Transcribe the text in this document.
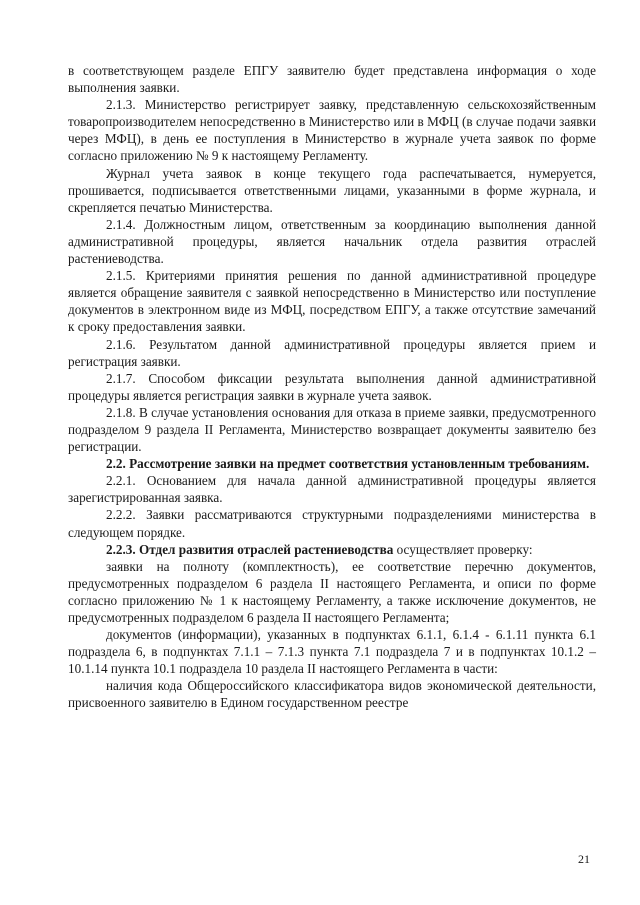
в соответствующем разделе ЕПГУ заявителю будет представлена информация о ходе выполнения заявки.

2.1.3. Министерство регистрирует заявку, представленную сельскохозяйственным товаропроизводителем непосредственно в Министерство или в МФЦ (в случае подачи заявки через МФЦ), в день ее поступления в Министерство в журнале учета заявок по форме согласно приложению № 9 к настоящему Регламенту.

Журнал учета заявок в конце текущего года распечатывается, нумеруется, прошивается, подписывается ответственными лицами, указанными в форме журнала, и скрепляется печатью Министерства.

2.1.4. Должностным лицом, ответственным за координацию выполнения данной административной процедуры, является начальник отдела развития отраслей растениеводства.

2.1.5. Критериями принятия решения по данной административной процедуре является обращение заявителя с заявкой непосредственно в Министерство или поступление документов в электронном виде из МФЦ, посредством ЕПГУ, а также отсутствие замечаний к сроку предоставления заявки.

2.1.6. Результатом данной административной процедуры является прием и регистрация заявки.

2.1.7. Способом фиксации результата выполнения данной административной процедуры является регистрация заявки в журнале учета заявок.

2.1.8. В случае установления основания для отказа в приеме заявки, предусмотренного подразделом 9 раздела II Регламента, Министерство возвращает документы заявителю без регистрации.

2.2. Рассмотрение заявки на предмет соответствия установленным требованиям.

2.2.1. Основанием для начала данной административной процедуры является зарегистрированная заявка.

2.2.2. Заявки рассматриваются структурными подразделениями министерства в следующем порядке.

2.2.3. Отдел развития отраслей растениеводства осуществляет проверку:

заявки на полноту (комплектность), ее соответствие перечню документов, предусмотренных подразделом 6 раздела II настоящего Регламента, и описи по форме согласно приложению № 1 к настоящему Регламенту, а также исключение документов, не предусмотренных подразделом 6 раздела II настоящего Регламента;

документов (информации), указанных в подпунктах 6.1.1, 6.1.4 - 6.1.11 пункта 6.1 подраздела 6, в подпунктах 7.1.1 – 7.1.3 пункта 7.1 подраздела 7 и в подпунктах 10.1.2 – 10.1.14 пункта 10.1 подраздела 10 раздела II настоящего Регламента в части:

наличия кода Общероссийского классификатора видов экономической деятельности, присвоенного заявителю в Едином государственном реестре

21
